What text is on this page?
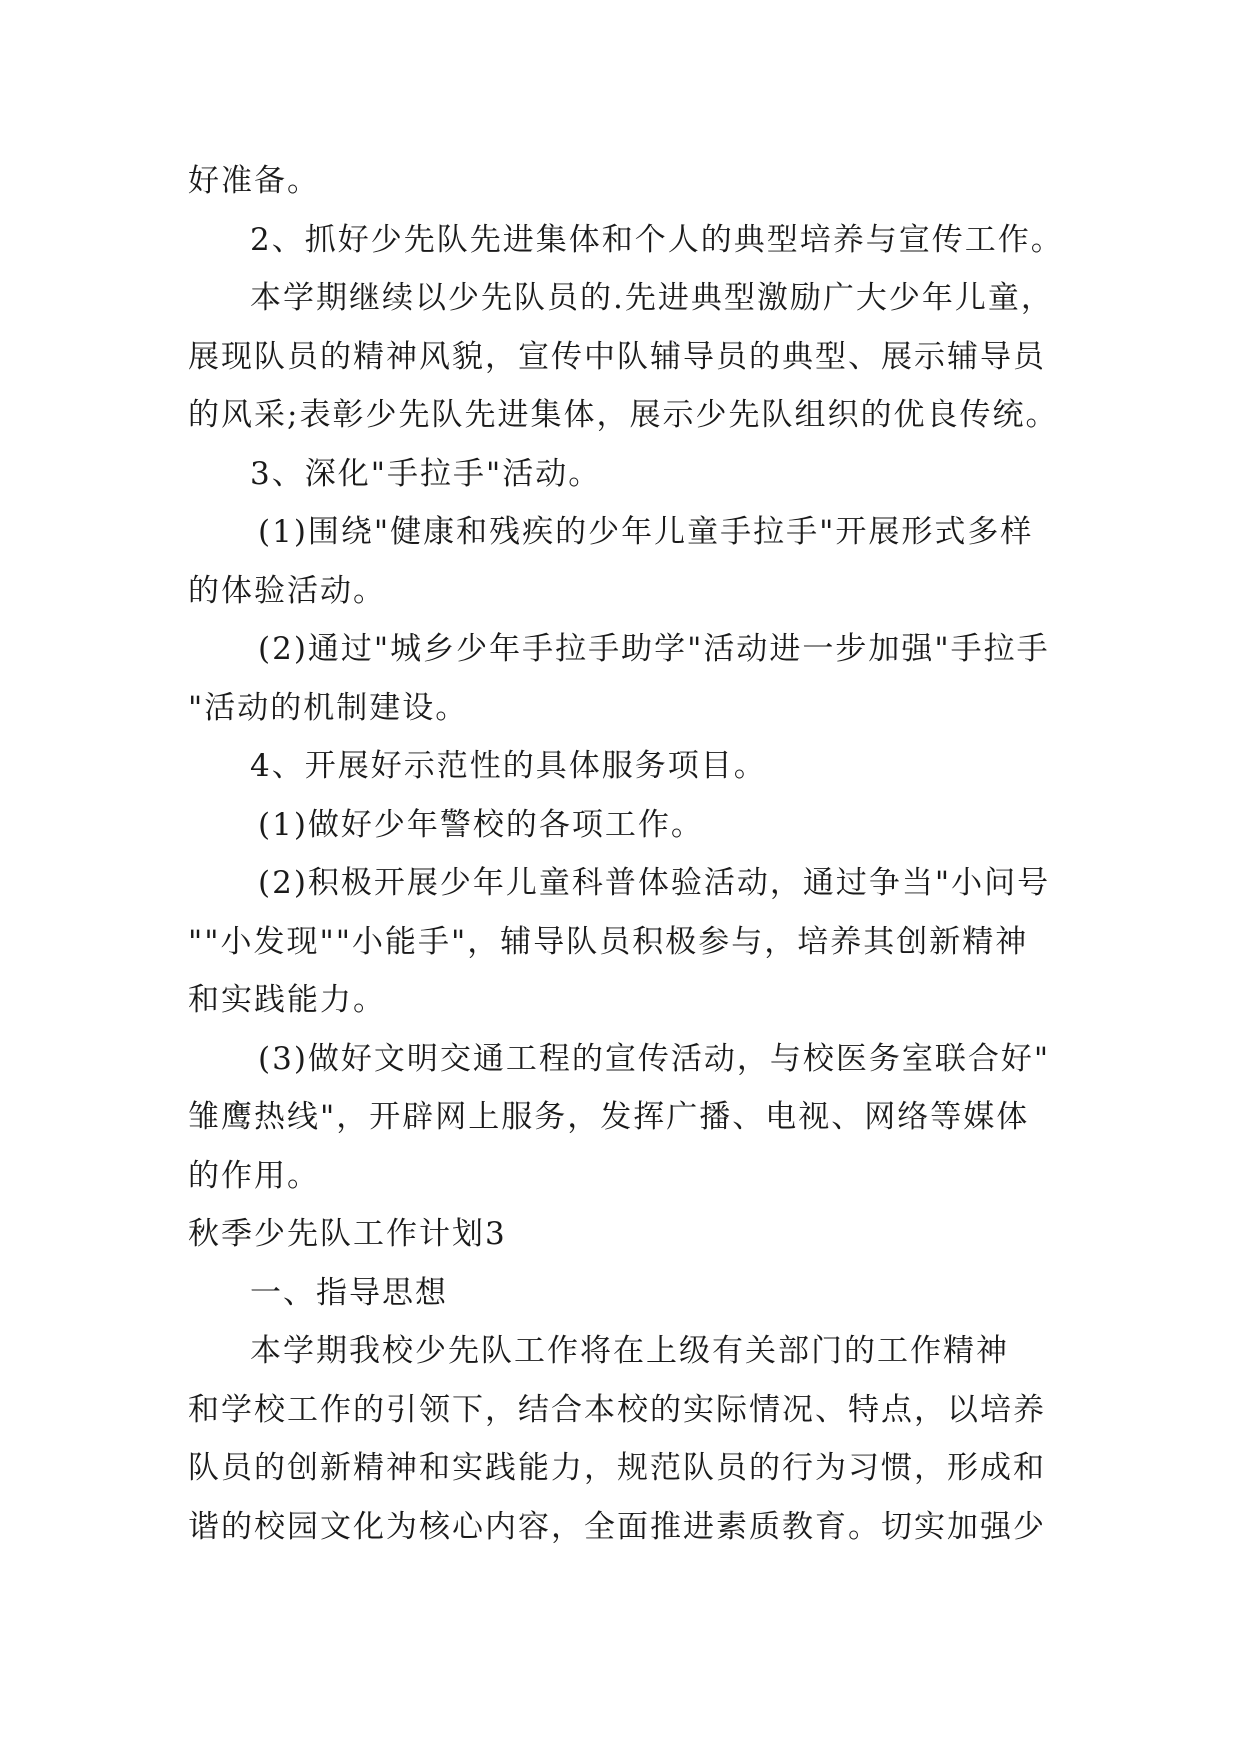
好准备。
2、抓好少先队先进集体和个人的典型培养与宣传工作。
本学期继续以少先队员的.先进典型激励广大少年儿童，
展现队员的精神风貌，宣传中队辅导员的典型、展示辅导员
的风采;表彰少先队先进集体，展示少先队组织的优良传统。
3、深化"手拉手"活动。
(1)围绕"健康和残疾的少年儿童手拉手"开展形式多样
的体验活动。
(2)通过"城乡少年手拉手助学"活动进一步加强"手拉手
"活动的机制建设。
4、开展好示范性的具体服务项目。
(1)做好少年警校的各项工作。
(2)积极开展少年儿童科普体验活动，通过争当"小问号
""小发现""小能手"，辅导队员积极参与，培养其创新精神
和实践能力。
(3)做好文明交通工程的宣传活动，与校医务室联合好"
雏鹰热线"，开辟网上服务，发挥广播、电视、网络等媒体
的作用。
秋季少先队工作计划3
一、指导思想
本学期我校少先队工作将在上级有关部门的工作精神
和学校工作的引领下，结合本校的实际情况、特点，以培养
队员的创新精神和实践能力，规范队员的行为习惯，形成和
谐的校园文化为核心内容，全面推进素质教育。切实加强少
